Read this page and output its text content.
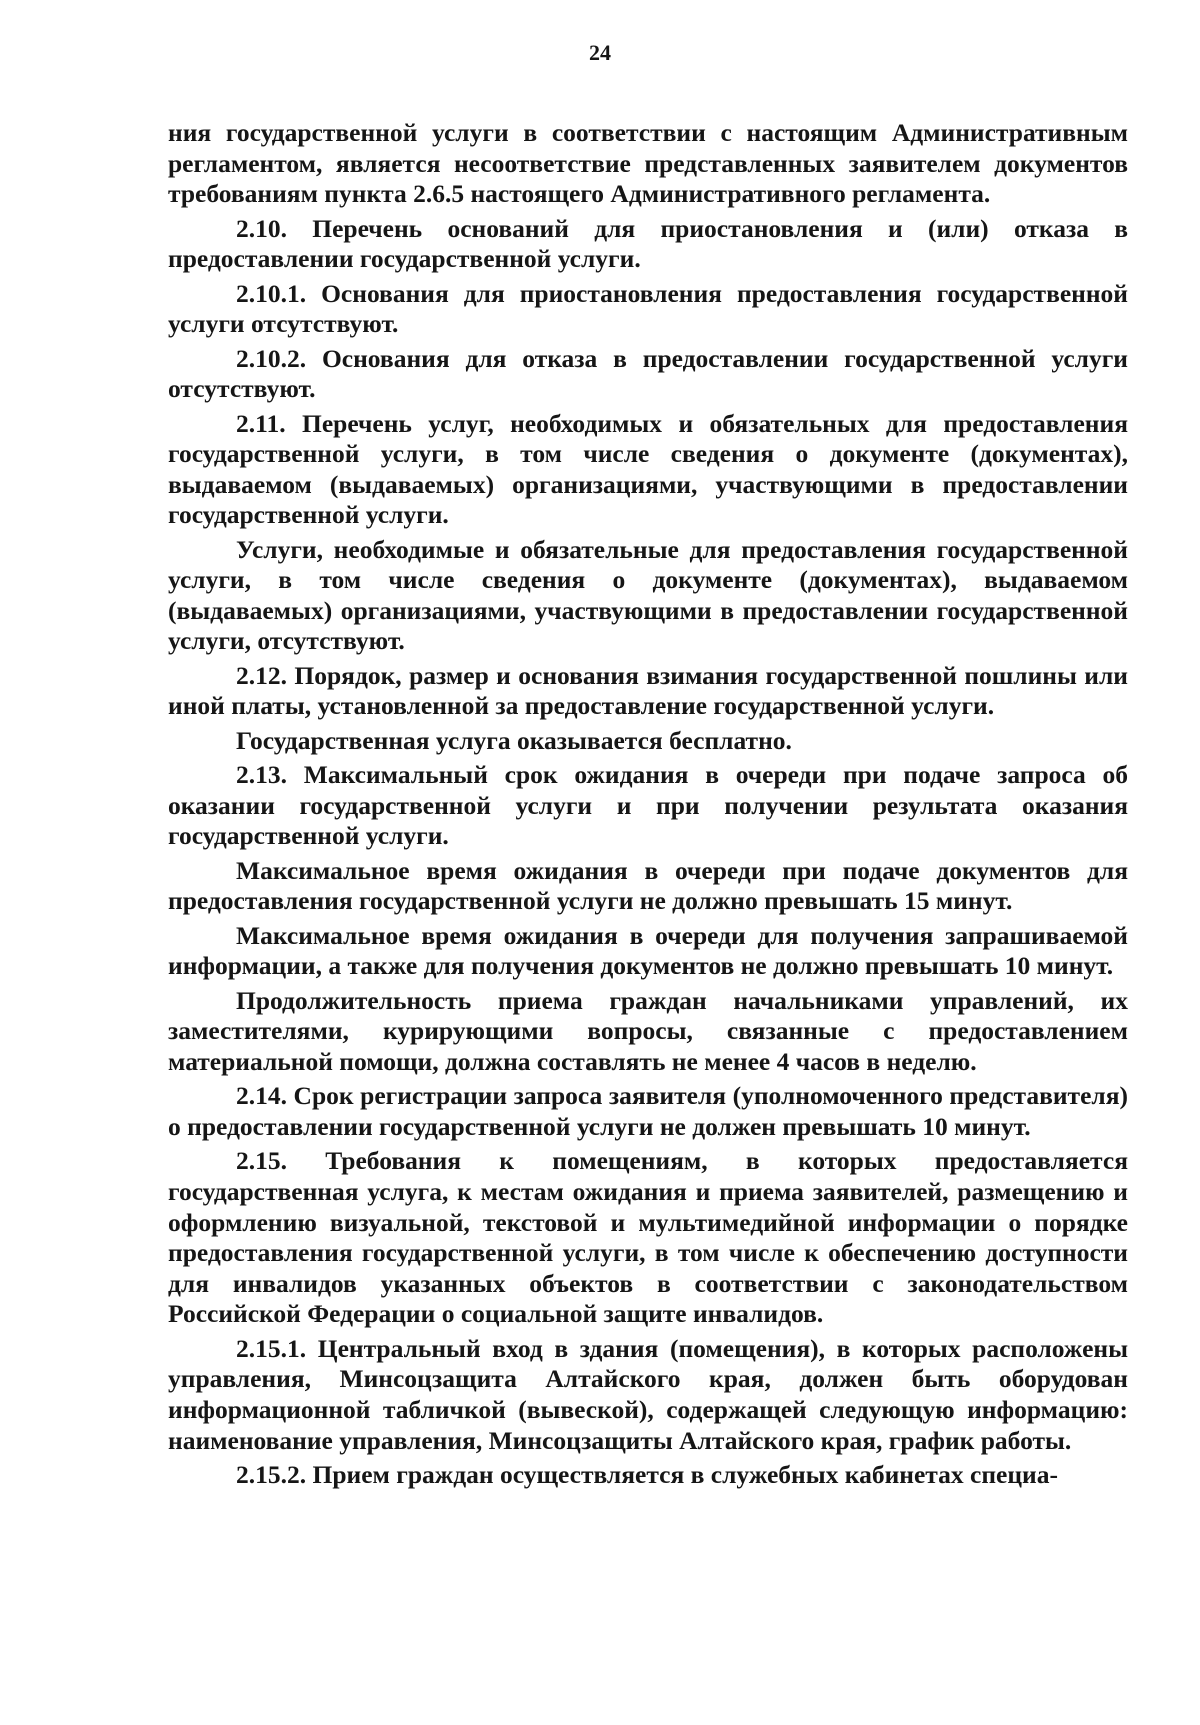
24

ния государственной услуги в соответствии с настоящим Административным регламентом, является несоответствие представленных заявителем документов требованиям пункта 2.6.5 настоящего Административного регламента.

2.10. Перечень оснований для приостановления и (или) отказа в предоставлении государственной услуги.

2.10.1. Основания для приостановления предоставления государственной услуги отсутствуют.

2.10.2. Основания для отказа в предоставлении государственной услуги отсутствуют.

2.11. Перечень услуг, необходимых и обязательных для предоставления государственной услуги, в том числе сведения о документе (документах), выдаваемом (выдаваемых) организациями, участвующими в предоставлении государственной услуги.

Услуги, необходимые и обязательные для предоставления государственной услуги, в том числе сведения о документе (документах), выдаваемом (выдаваемых) организациями, участвующими в предоставлении государственной услуги, отсутствуют.

2.12. Порядок, размер и основания взимания государственной пошлины или иной платы, установленной за предоставление государственной услуги.

Государственная услуга оказывается бесплатно.

2.13. Максимальный срок ожидания в очереди при подаче запроса об оказании государственной услуги и при получении результата оказания государственной услуги.

Максимальное время ожидания в очереди при подаче документов для предоставления государственной услуги не должно превышать 15 минут.

Максимальное время ожидания в очереди для получения запрашиваемой информации, а также для получения документов не должно превышать 10 минут.

Продолжительность приема граждан начальниками управлений, их заместителями, курирующими вопросы, связанные с предоставлением материальной помощи, должна составлять не менее 4 часов в неделю.

2.14. Срок регистрации запроса заявителя (уполномоченного представителя) о предоставлении государственной услуги не должен превышать 10 минут.

2.15. Требования к помещениям, в которых предоставляется государственная услуга, к местам ожидания и приема заявителей, размещению и оформлению визуальной, текстовой и мультимедийной информации о порядке предоставления государственной услуги, в том числе к обеспечению доступности для инвалидов указанных объектов в соответствии с законодательством Российской Федерации о социальной защите инвалидов.

2.15.1. Центральный вход в здания (помещения), в которых расположены управления, Минсоцзащита Алтайского края, должен быть оборудован информационной табличкой (вывеской), содержащей следующую информацию: наименование управления, Минсоцзащиты Алтайского края, график работы.

2.15.2. Прием граждан осуществляется в служебных кабинетах специа-
